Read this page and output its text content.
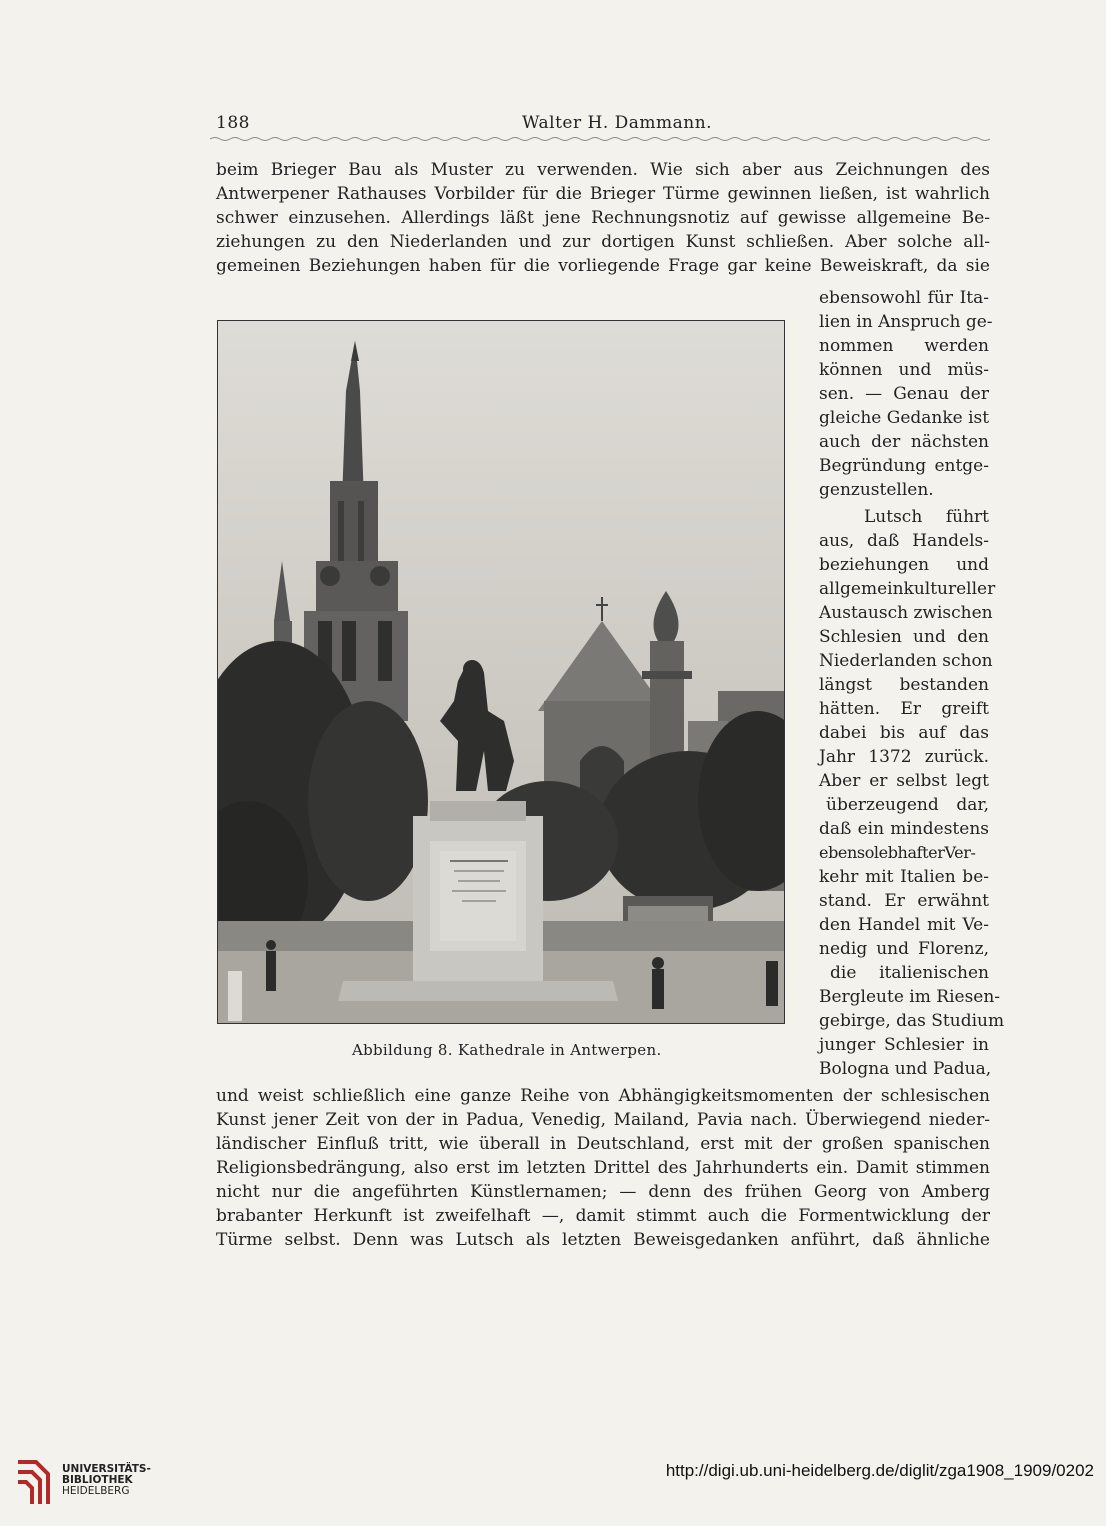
188	Walter H. Dammann.
beim Brieger Bau als Muster zu verwenden. Wie sich aber aus Zeichnungen des
Antwerpener Rathauses Vorbilder für die Brieger Türme gewinnen ließen, ist wahrlich
schwer einzusehen. Allerdings läßt jene Rechnungsnotiz auf gewisse allgemeine Be-
ziehungen zu den Niederlanden und zur dortigen Kunst schließen. Aber solche all-
gemeinen Beziehungen haben für die vorliegende Frage gar keine Beweiskraft, da sie
ebensowohl für Ita-
lien in Anspruch ge-
nommen werden
können und müs-
sen. — Genau der
gleiche Gedanke ist
auch der nächsten
Begründung entge-
genzustellen.
Lutsch führt
aus, daß Handels-
beziehungen und
allgemeinkultureller
Austausch zwischen
Schlesien und den
Niederlanden schon
längst bestanden
hätten. Er greift
dabei bis auf das
Jahr 1372 zurück.
Aber er selbst legt
überzeugend dar,
daß ein mindestens
ebensolebhafterVer-
kehr mit Italien be-
stand. Er erwähnt
den Handel mit Ve-
nedig und Florenz,
die italienischen
Bergleute im Riesen-
gebirge, das Studium
junger Schlesier in
Bologna und Padua,
Abbildung 8. Kathedrale in Antwerpen.
und weist schließlich eine ganze Reihe von Abhängigkeitsmomenten der schlesischen
Kunst jener Zeit von der in Padua, Venedig, Mailand, Pavia nach. Überwiegend nieder-
ländischer Einfluß tritt, wie überall in Deutschland, erst mit der großen spanischen
Religionsbedrängung, also erst im letzten Drittel des Jahrhunderts ein. Damit stimmen
nicht nur die angeführten Künstlernamen; — denn des frühen Georg von Amberg
brabanter Herkunft ist zweifelhaft —, damit stimmt auch die Formentwicklung der
Türme selbst. Denn was Lutsch als letzten Beweisgedanken anführt, daß ähnliche
UNIVERSITÄTS-
BIBLIOTHEK
HEIDELBERG
http://digi.ub.uni-heidelberg.de/diglit/zga1908_1909/0202
